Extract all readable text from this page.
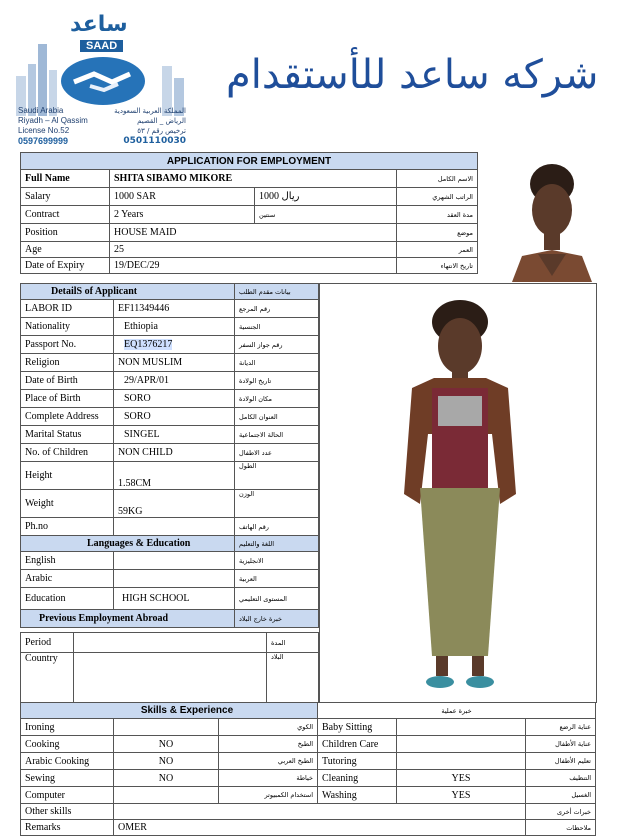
ساعد
SAAD
Saudi Arabia
Riyadh – Al Qassim
License No.52
0597699999
المملكة العربية السعودية
الرياض _ القصيم
ترخيص رقم / ٥٣
0501110030
شركه ساعد للأستقدام
APPLICATION FOR EMPLOYMENT			
Full Name	SHITA SIBAMO MIKORE		الاسم الكامل
Salary	1000 SAR	1000 ريال	الراتب الشهري
Contract	2 Years	سنتين	مدة العقد
Position	HOUSE MAID		موضع
Age	25		العمر
Date of Expiry	19/DEC/29		تاريخ الانتهاء
DetailS of Applicant		بيانات مقدم الطلب
LABOR ID	EF11349446	رقم المرجع
Nationality	Ethiopia	الجنسية
Passport No.	EQ1376217	رقم جواز السفر
Religion	NON MUSLIM	الديانة
Date of Birth	29/APR/01	تاريخ الولادة
Place of Birth	SORO	مكان الولادة
Complete Address	SORO	العنوان الكامل
Marital Status	SINGEL	الحالة الاجتماعية
No. of Children	NON CHILD	عدد الاطفال
Height	1.58CM	الطول
Weight	59KG	الوزن
Ph.no		رقم الهاتف
Languages & Education		اللغة والتعليم
English		الانجليزية
Arabic		العربية
Education	HIGH SCHOOL	المستوى التعليمي
Previous Employment Abroad		خبرة خارج البلاد
Period		المدة
Country		البلاد
Skills & Experience			خبرة عملية		
Ironing		الكوي	Baby Sitting		عناية الرضع
Cooking	NO	الطبخ	Children Care		عناية الأطفال
Arabic Cooking	NO	الطبخ العربي	Tutoring		تعليم الأطفال
Sewing	NO	خياطة	Cleaning	YES	التنظيف
Computer		استخدام الكمبيوتر	Washing	YES	الغسيل
Other skills					خبرات أخرى
Remarks	OMER				ملاحظات
